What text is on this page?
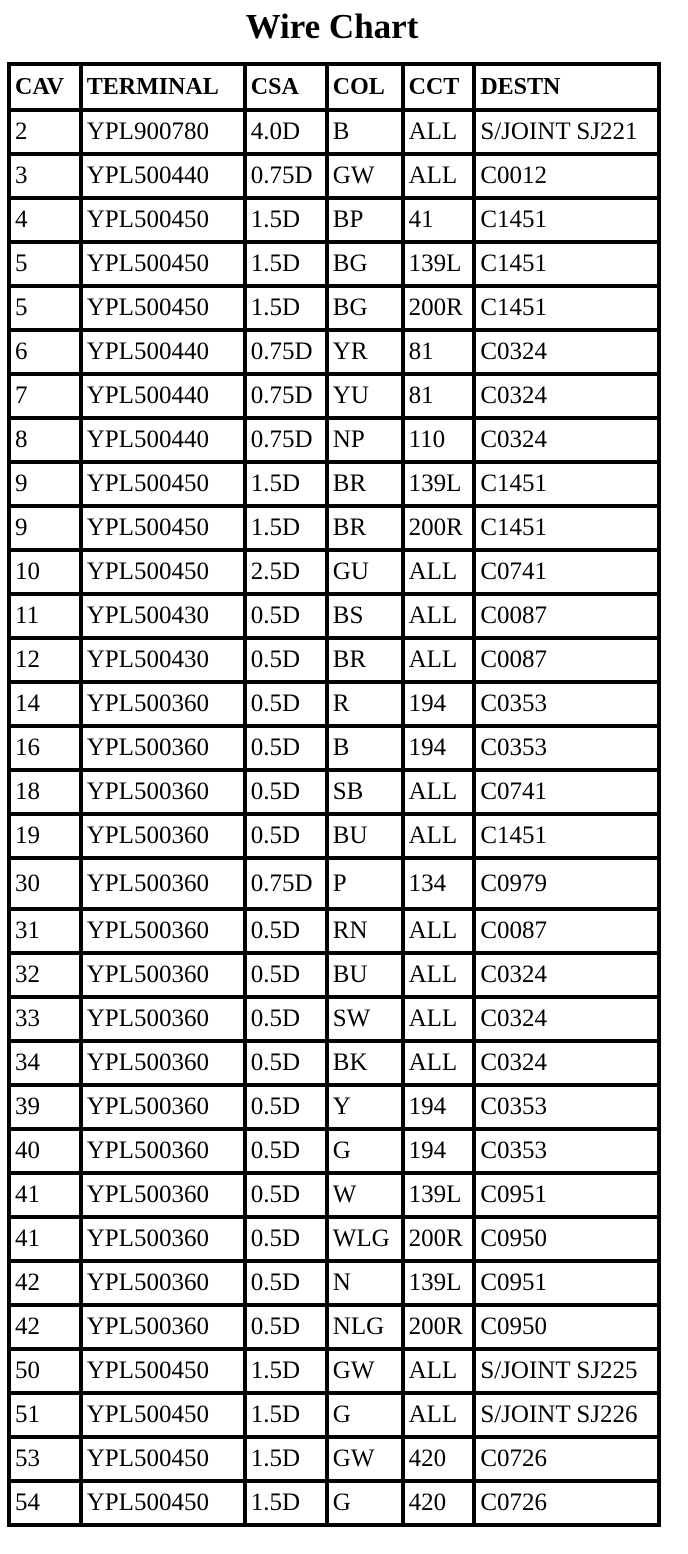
Wire Chart
CAV	TERMINAL	CSA	COL	CCT	DESTN
2	YPL900780	4.0D	B	ALL	S/JOINT SJ221
3	YPL500440	0.75D	GW	ALL	C0012
4	YPL500450	1.5D	BP	41	C1451
5	YPL500450	1.5D	BG	139L	C1451
5	YPL500450	1.5D	BG	200R	C1451
6	YPL500440	0.75D	YR	81	C0324
7	YPL500440	0.75D	YU	81	C0324
8	YPL500440	0.75D	NP	110	C0324
9	YPL500450	1.5D	BR	139L	C1451
9	YPL500450	1.5D	BR	200R	C1451
10	YPL500450	2.5D	GU	ALL	C0741
11	YPL500430	0.5D	BS	ALL	C0087
12	YPL500430	0.5D	BR	ALL	C0087
14	YPL500360	0.5D	R	194	C0353
16	YPL500360	0.5D	B	194	C0353
18	YPL500360	0.5D	SB	ALL	C0741
19	YPL500360	0.5D	BU	ALL	C1451
30	YPL500360	0.75D	P	134	C0979
31	YPL500360	0.5D	RN	ALL	C0087
32	YPL500360	0.5D	BU	ALL	C0324
33	YPL500360	0.5D	SW	ALL	C0324
34	YPL500360	0.5D	BK	ALL	C0324
39	YPL500360	0.5D	Y	194	C0353
40	YPL500360	0.5D	G	194	C0353
41	YPL500360	0.5D	W	139L	C0951
41	YPL500360	0.5D	WLG	200R	C0950
42	YPL500360	0.5D	N	139L	C0951
42	YPL500360	0.5D	NLG	200R	C0950
50	YPL500450	1.5D	GW	ALL	S/JOINT SJ225
51	YPL500450	1.5D	G	ALL	S/JOINT SJ226
53	YPL500450	1.5D	GW	420	C0726
54	YPL500450	1.5D	G	420	C0726
